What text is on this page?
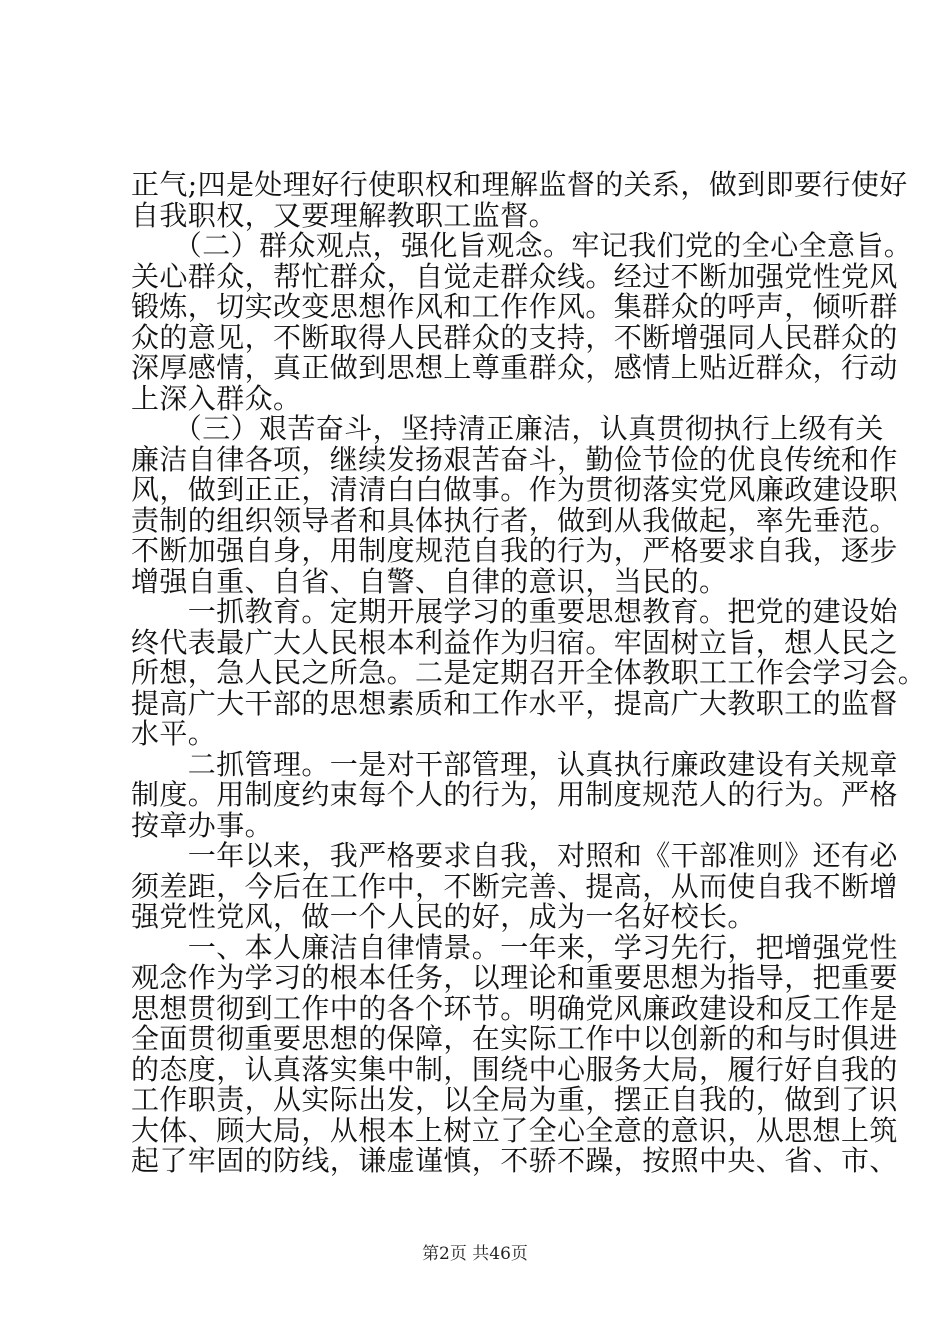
正气;四是处理好行使职权和理解监督的关系，做到即要行使好
自我职权，又要理解教职工监督。
　　（二）群众观点，强化旨观念。牢记我们党的全心全意旨。
关心群众，帮忙群众，自觉走群众线。经过不断加强党性党风
锻炼，切实改变思想作风和工作作风。集群众的呼声，倾听群
众的意见，不断取得人民群众的支持，不断增强同人民群众的
深厚感情，真正做到思想上尊重群众，感情上贴近群众，行动
上深入群众。
　　（三）艰苦奋斗，坚持清正廉洁，认真贯彻执行上级有关
廉洁自律各项，继续发扬艰苦奋斗，勤俭节俭的优良传统和作
风，做到正正，清清白白做事。作为贯彻落实党风廉政建设职
责制的组织领导者和具体执行者，做到从我做起，率先垂范。
不断加强自身，用制度规范自我的行为，严格要求自我，逐步
增强自重、自省、自警、自律的意识，当民的。
　　一抓教育。定期开展学习的重要思想教育。把党的建设始
终代表最广大人民根本利益作为归宿。牢固树立旨，想人民之
所想，急人民之所急。二是定期召开全体教职工工作会学习会。
提高广大干部的思想素质和工作水平，提高广大教职工的监督
水平。
　　二抓管理。一是对干部管理，认真执行廉政建设有关规章
制度。用制度约束每个人的行为，用制度规范人的行为。严格
按章办事。
　　一年以来，我严格要求自我，对照和《干部准则》还有必
须差距，今后在工作中，不断完善、提高，从而使自我不断增
强党性党风，做一个人民的好，成为一名好校长。
　　一、本人廉洁自律情景。一年来，学习先行，把增强党性
观念作为学习的根本任务，以理论和重要思想为指导，把重要
思想贯彻到工作中的各个环节。明确党风廉政建设和反工作是
全面贯彻重要思想的保障，在实际工作中以创新的和与时俱进
的态度，认真落实集中制，围绕中心服务大局，履行好自我的
工作职责，从实际出发，以全局为重，摆正自我的，做到了识
大体、顾大局，从根本上树立了全心全意的意识，从思想上筑
起了牢固的防线，谦虚谨慎，不骄不躁，按照中央、省、市、
第2页 共46页
